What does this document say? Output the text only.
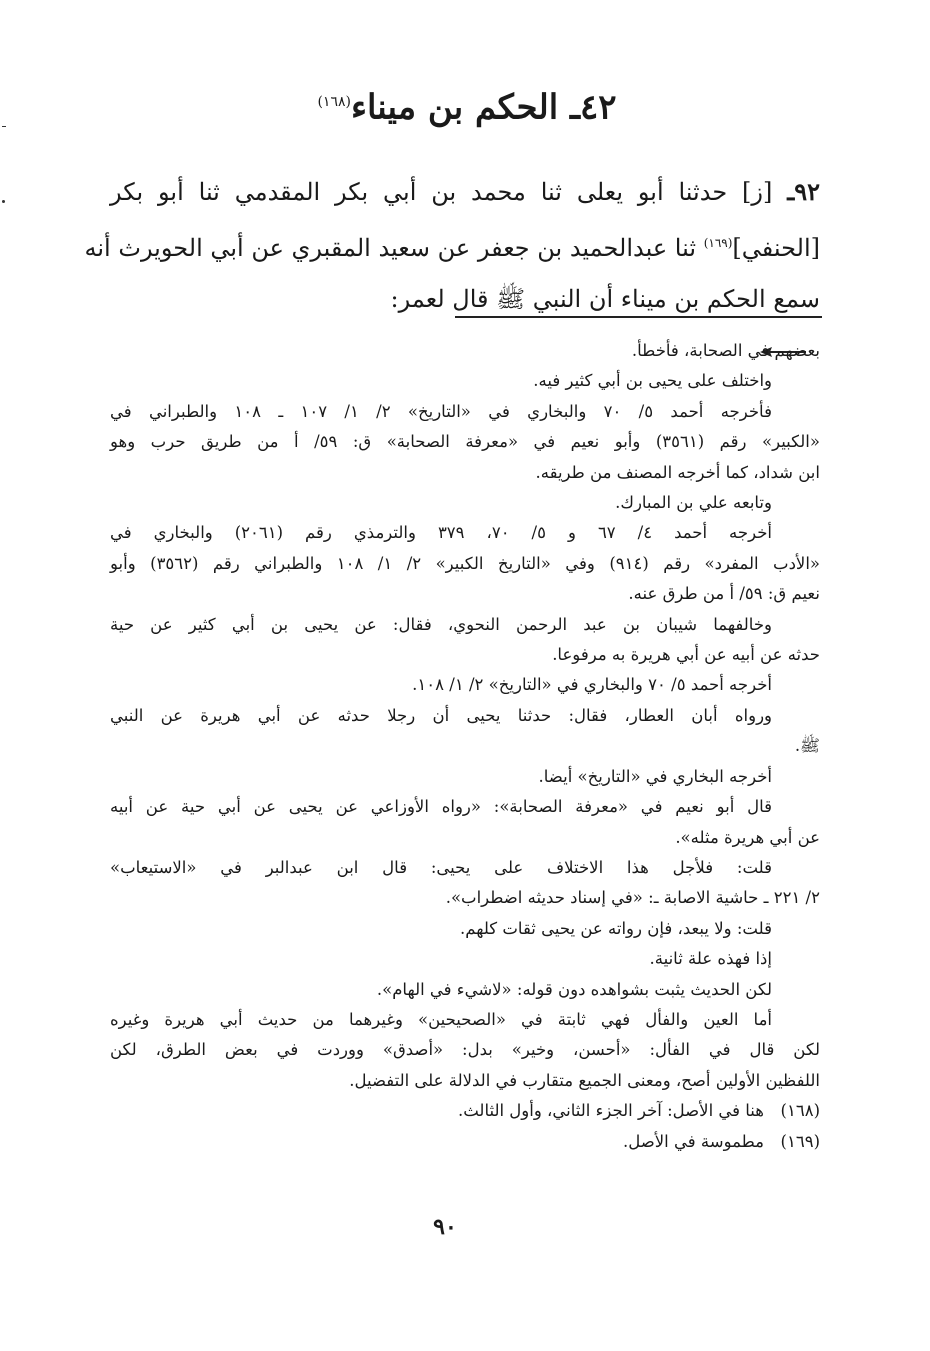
٤٢ـ الحكم بن ميناء$^{(١٦٨)}$
٩٢ـ [ز] حدثنا أبو يعلى ثنا محمد بن أبي بكر المقدمي ثنا أبو بكر
[الحنفي]$^{(١٦٩)}$ ثنا عبدالحميد بن جعفر عن سعيد المقبري عن أبي الحويرث أنه
سمع الحكم بن ميناء أن النبي ﷺ قال لعمر:
بعضهم في الصحابة، فأخطأ.
واختلف على يحيى بن أبي كثير فيه.
فأخرجه أحمد ٥/ ٧٠ والبخاري في «التاريخ» ٢/ ١/ ١٠٧ ـ ١٠٨ والطبراني في
«الكبير» رقم (٣٥٦١) وأبو نعيم في «معرفة الصحابة» ق: ٥٩/ أ من طريق حرب وهو
ابن شداد، كما أخرجه المصنف من طريقه.
وتابعه علي بن المبارك.
أخرجه أحمد ٤/ ٦٧ و ٥/ ٧٠، ٣٧٩ والترمذي رقم (٢٠٦١) والبخاري في
«الأدب المفرد» رقم (٩١٤) وفي «التاريخ الكبير» ٢/ ١/ ١٠٨ والطبراني رقم (٣٥٦٢) وأبو
نعيم ق: ٥٩/ أ من طرق عنه.
وخالفهما شيبان بن عبد الرحمن النحوي، فقال: عن يحيى بن أبي كثير عن حية
حدثه عن أبيه عن أبي هريرة به مرفوعا.
أخرجه أحمد ٥/ ٧٠ والبخاري في «التاريخ» ٢/ ١/ ١٠٨.
ورواه أبان العطار، فقال: حدثنا يحيى أن رجلا حدثه عن أبي هريرة عن النبي
ﷺ.
أخرجه البخاري في «التاريخ» أيضا.
قال أبو نعيم في «معرفة الصحابة»: «رواه الأوزاعي عن يحيى عن أبي حية عن أبيه
عن أبي هريرة مثله».
قلت: فلأجل هذا الاختلاف على يحيى: قال ابن عبدالبر في «الاستيعاب»
٢/ ٢٢١ ـ حاشية الاصابة ـ: «في إسناد حديثه اضطراب».
قلت: ولا يبعد، فإن رواته عن يحيى ثقات كلهم.
إذا فهذه علة ثانية.
لكن الحديث يثبت بشواهده دون قوله: «لاشيء في الهام».
أما العين والفأل فهي ثابتة في «الصحيحين» وغيرهما من حديث أبي هريرة وغيره
لكن قال في الفأل: «أحسن، وخير» بدل: «أصدق» ووردت في بعض الطرق، لكن
اللفظين الأولين أصح، ومعنى الجميع متقارب في الدلالة على التفضيل.
(١٦٨)هنا في الأصل: آخر الجزء الثاني، وأول الثالث.
(١٦٩)مطموسة في الأصل.
٩٠
